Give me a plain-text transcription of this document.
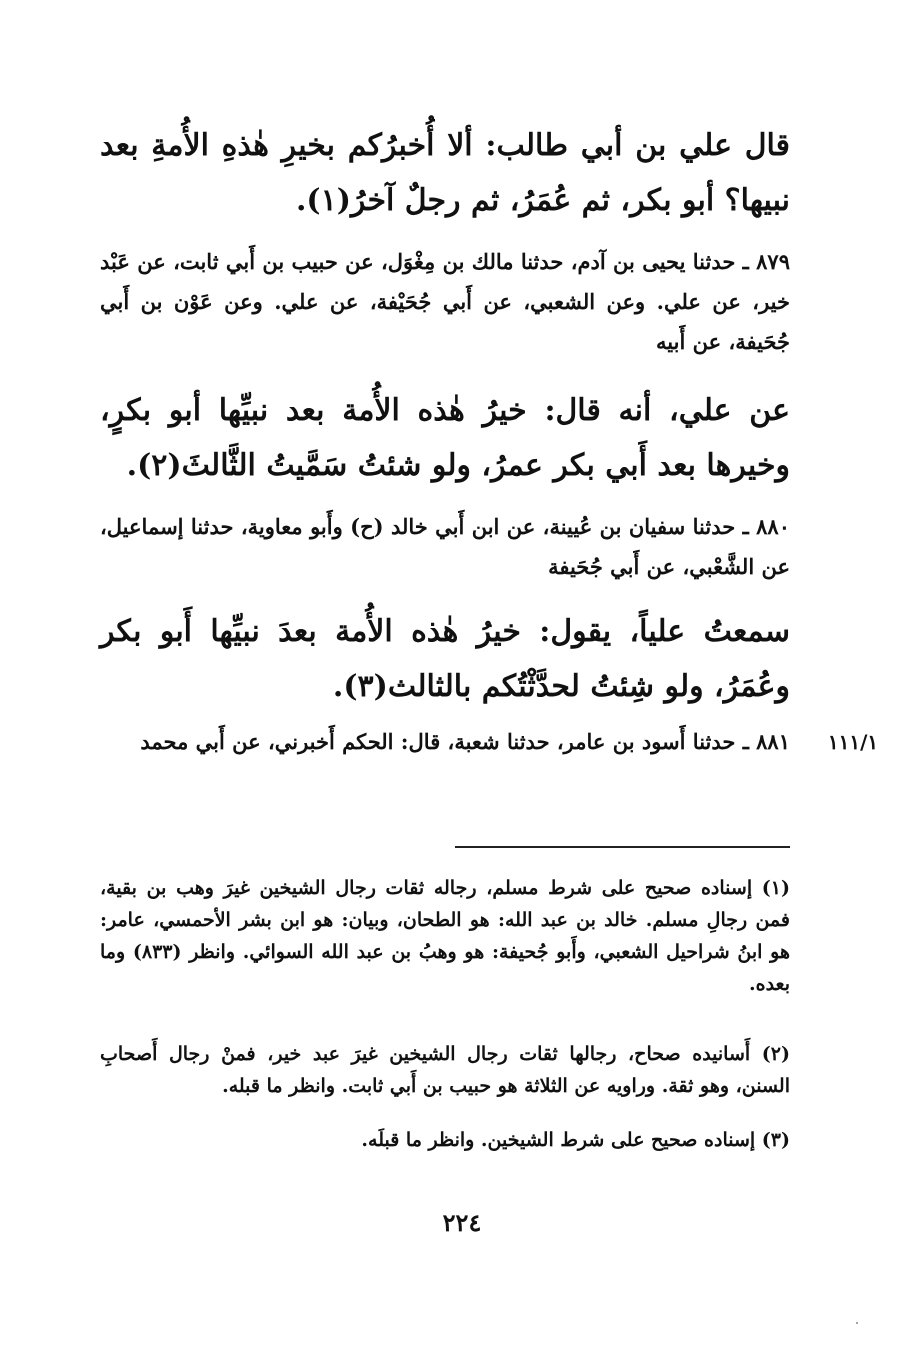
قال علي بن أبي طالب: ألا أُخبرُكم بخيرِ هٰذهِ الأُمةِ بعد نبيها؟ أبو بكر، ثم عُمَرُ، ثم رجلٌ آخرُ(١).

٨٧٩ ـ حدثنا يحيى بن آدم، حدثنا مالك بن مِغْوَل، عن حبيب بن أَبي ثابت، عن عَبْد خير، عن علي. وعن الشعبي، عن أَبي جُحَيْفة، عن علي. وعن عَوْن بن أَبي جُحَيفة، عن أَبيه

عن علي، أنه قال: خيرُ هٰذه الأُمة بعد نبيِّها أبو بكرٍ، وخيرها بعد أَبي بكر عمرُ، ولو شئتُ سَمَّيتُ الثَّالثَ(٢).

٨٨٠ ـ حدثنا سفيان بن عُيينة، عن ابن أَبي خالد (ح) وأَبو معاوية، حدثنا إسماعيل، عن الشَّعْبي، عن أَبي جُحَيفة

سمعتُ علياً، يقول: خيرُ هٰذه الأُمة بعدَ نبيِّها أَبو بكر وعُمَرُ، ولو شِئتُ لحدَّثْتُكم بالثالث(٣).

١١١/١

٨٨١ ـ حدثنا أَسود بن عامر، حدثنا شعبة، قال: الحكم أَخبرني، عن أَبي محمد

(١) إسناده صحيح على شرط مسلم، رجاله ثقات رجال الشيخين غيرَ وهب بن بقية، فمن رجالِ مسلم. خالد بن عبد الله: هو الطحان، وبيان: هو ابن بشر الأحمسي، عامر: هو ابنُ شراحيل الشعبي، وأَبو جُحيفة: هو وهبُ بن عبد الله السوائي. وانظر (٨٣٣) وما بعده.

(٢) أَسانيده صحاح، رجالها ثقات رجال الشيخين غيرَ عبد خير، فمنْ رجال أَصحابِ السنن، وهو ثقة. وراويه عن الثلاثة هو حبيب بن أَبي ثابت. وانظر ما قبله.

(٣) إسناده صحيح على شرط الشيخين. وانظر ما قبلَه.

٢٢٤
